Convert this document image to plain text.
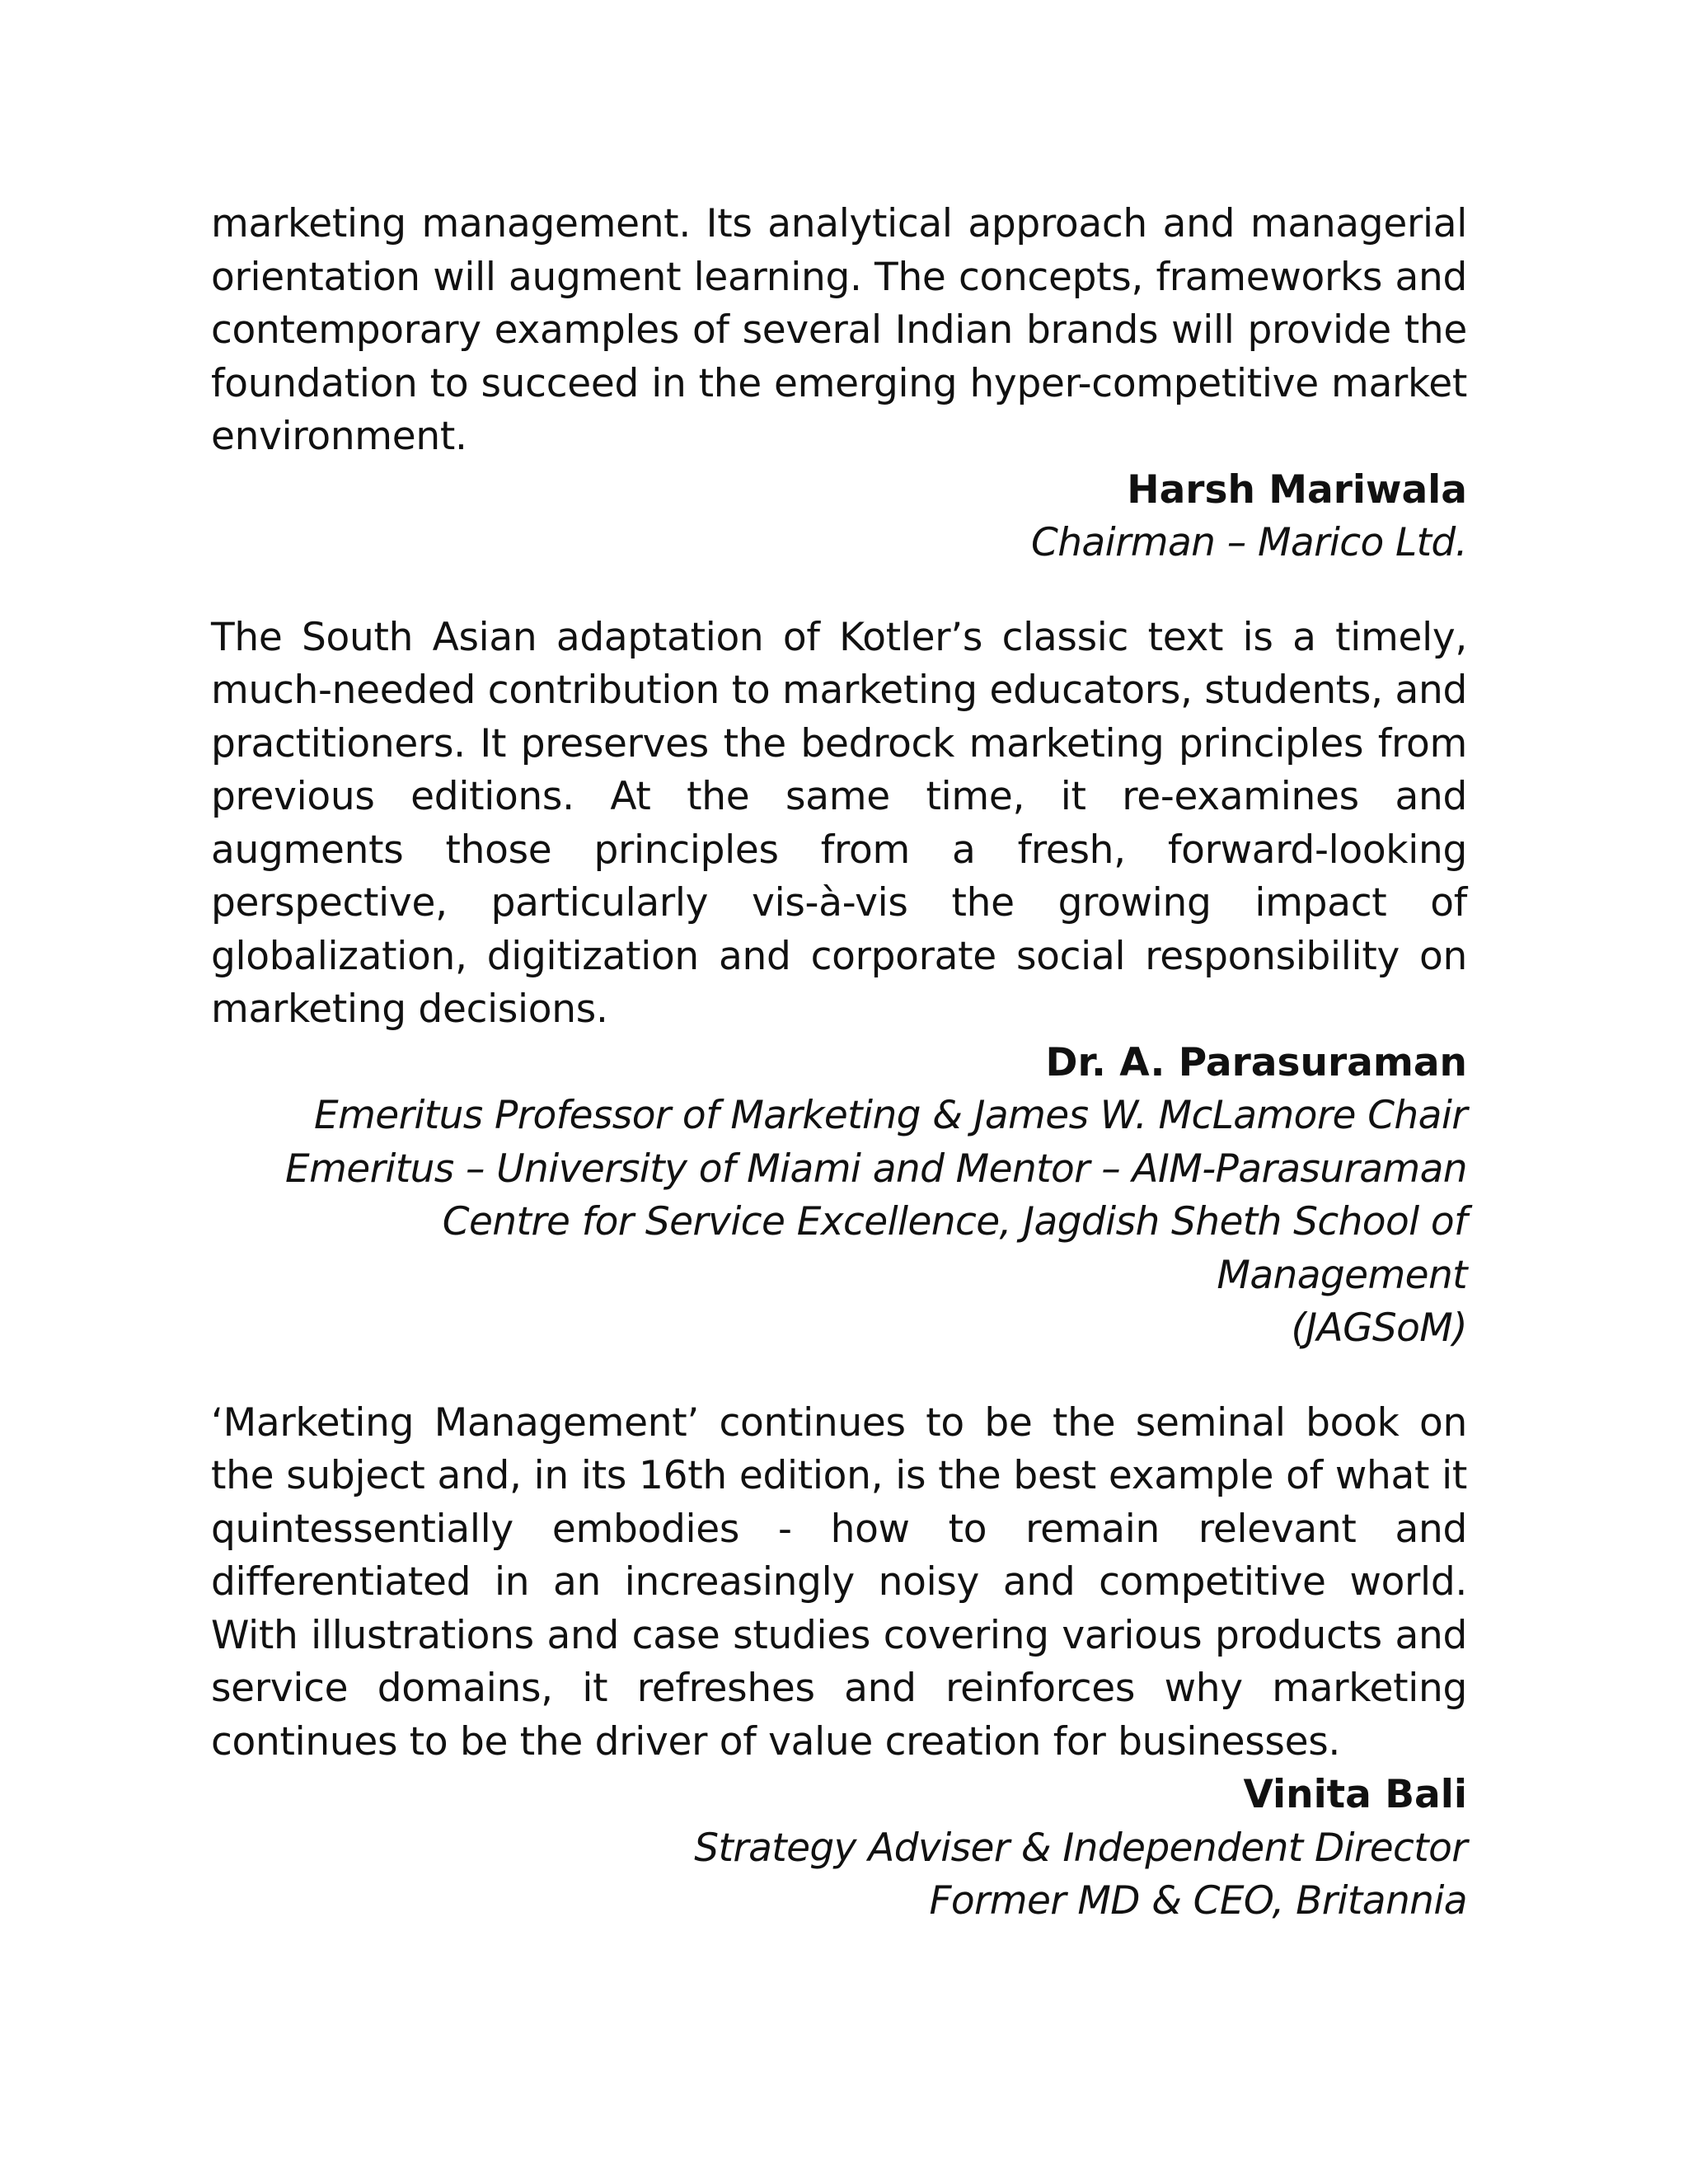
marketing management. Its analytical approach and managerial orientation will augment learning. The concepts, frameworks and contemporary examples of several Indian brands will provide the foundation to succeed in the emerging hyper-competitive market environment.

Harsh Mariwala

Chairman – Marico Ltd.

The South Asian adaptation of Kotler’s classic text is a timely, much-needed contribution to marketing educators, students, and practitioners. It preserves the bedrock marketing principles from previous editions. At the same time, it re-examines and augments those principles from a fresh, forward-looking perspective, particularly vis-à-vis the growing impact of globalization, digitization and corporate social responsibility on marketing decisions.

Dr. A. Parasuraman

Emeritus Professor of Marketing & James W. McLamore Chair

Emeritus – University of Miami and Mentor – AIM-Parasuraman

Centre for Service Excellence, Jagdish Sheth School of Management

(JAGSoM)

‘Marketing Management’ continues to be the seminal book on the subject and, in its 16th edition, is the best example of what it quintessentially embodies - how to remain relevant and differentiated in an increasingly noisy and competitive world. With illustrations and case studies covering various products and service domains, it refreshes and reinforces why marketing continues to be the driver of value creation for businesses.

Vinita Bali

Strategy Adviser & Independent Director

Former MD & CEO, Britannia
